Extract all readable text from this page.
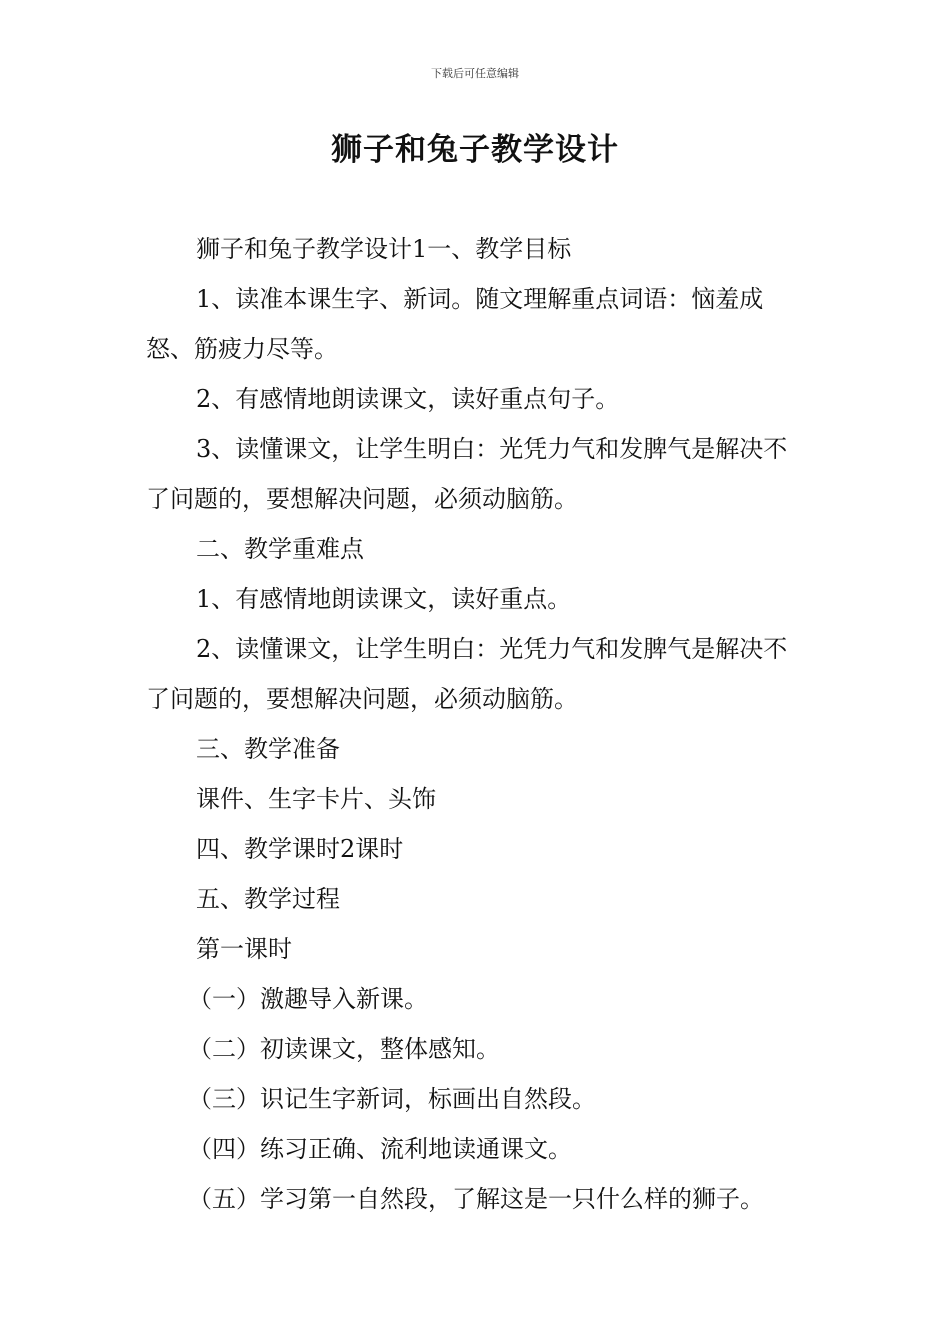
下载后可任意编辑
狮子和兔子教学设计

狮子和兔子教学设计1一、教学目标

1、读准本课生字、新词。随文理解重点词语：恼羞成怒、筋疲力尽等。

2、有感情地朗读课文，读好重点句子。

3、读懂课文，让学生明白：光凭力气和发脾气是解决不了问题的，要想解决问题，必须动脑筋。

二、教学重难点

1、有感情地朗读课文，读好重点。

2、读懂课文，让学生明白：光凭力气和发脾气是解决不了问题的，要想解决问题，必须动脑筋。

三、教学准备

课件、生字卡片、头饰

四、教学课时2课时

五、教学过程

第一课时

（一）激趣导入新课。

（二）初读课文，整体感知。

（三）识记生字新词，标画出自然段。

（四）练习正确、流利地读通课文。

（五）学习第一自然段，了解这是一只什么样的狮子。
